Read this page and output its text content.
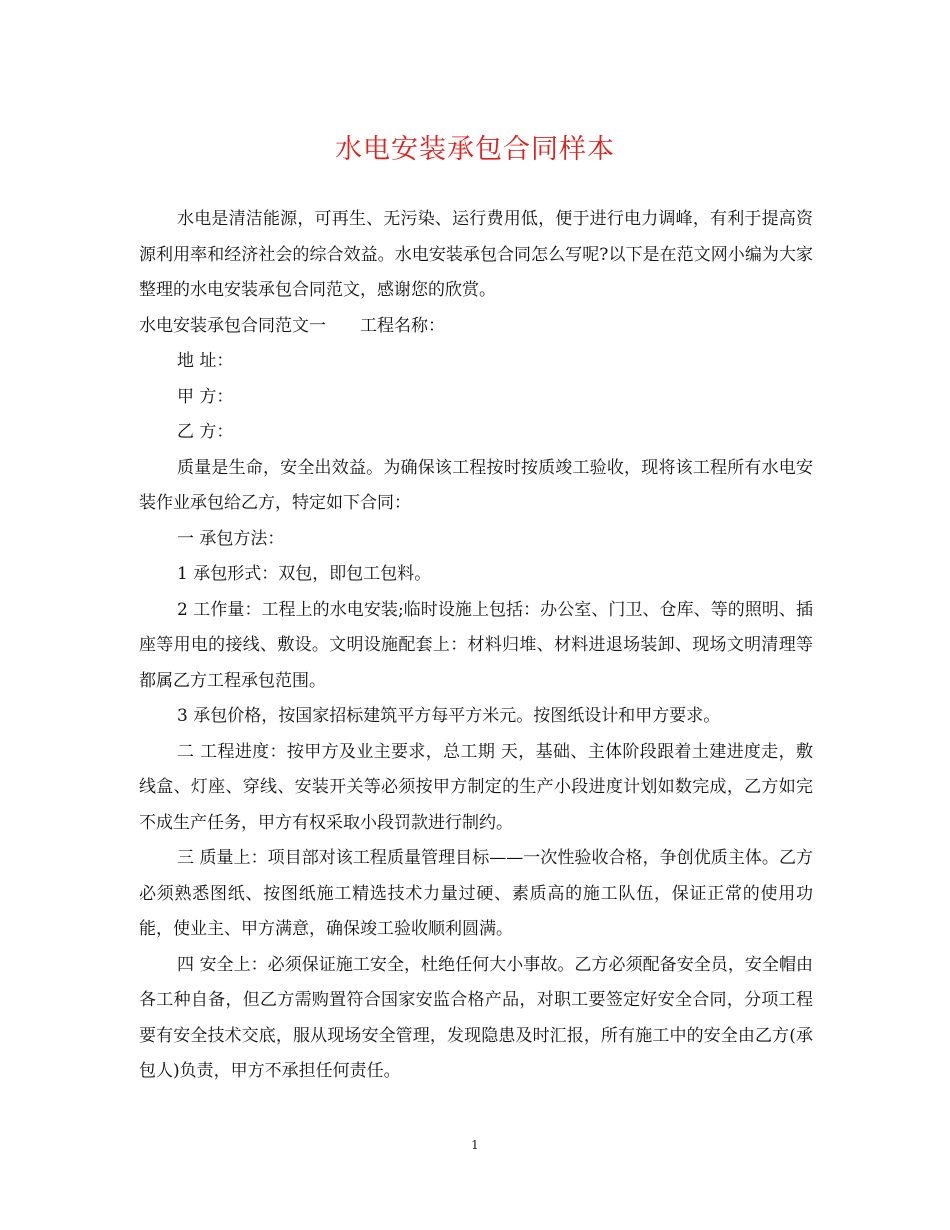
水电安装承包合同样本

水电是清洁能源，可再生、无污染、运行费用低，便于进行电力调峰，有利于提高资源利用率和经济社会的综合效益。水电安装承包合同怎么写呢?以下是在范文网小编为大家整理的水电安装承包合同范文，感谢您的欣赏。

水电安装承包合同范文一　　工程名称：

地 址：

甲 方：

乙 方：

质量是生命，安全出效益。为确保该工程按时按质竣工验收，现将该工程所有水电安装作业承包给乙方，特定如下合同：

一 承包方法：

1 承包形式：双包，即包工包料。

2 工作量：工程上的水电安装;临时设施上包括：办公室、门卫、仓库、等的照明、插座等用电的接线、敷设。文明设施配套上：材料归堆、材料进退场装卸、现场文明清理等都属乙方工程承包范围。

3 承包价格，按国家招标建筑平方每平方米元。按图纸设计和甲方要求。

二 工程进度：按甲方及业主要求，总工期 天，基础、主体阶段跟着土建进度走，敷线盒、灯座、穿线、安装开关等必须按甲方制定的生产小段进度计划如数完成，乙方如完不成生产任务，甲方有权采取小段罚款进行制约。

三 质量上：项目部对该工程质量管理目标——一次性验收合格，争创优质主体。乙方必须熟悉图纸、按图纸施工精选技术力量过硬、素质高的施工队伍，保证正常的使用功能，使业主、甲方满意，确保竣工验收顺利圆满。

四 安全上：必须保证施工安全，杜绝任何大小事故。乙方必须配备安全员，安全帽由各工种自备，但乙方需购置符合国家安监合格产品，对职工要签定好安全合同，分项工程要有安全技术交底，服从现场安全管理，发现隐患及时汇报，所有施工中的安全由乙方(承包人)负责，甲方不承担任何责任。

1
